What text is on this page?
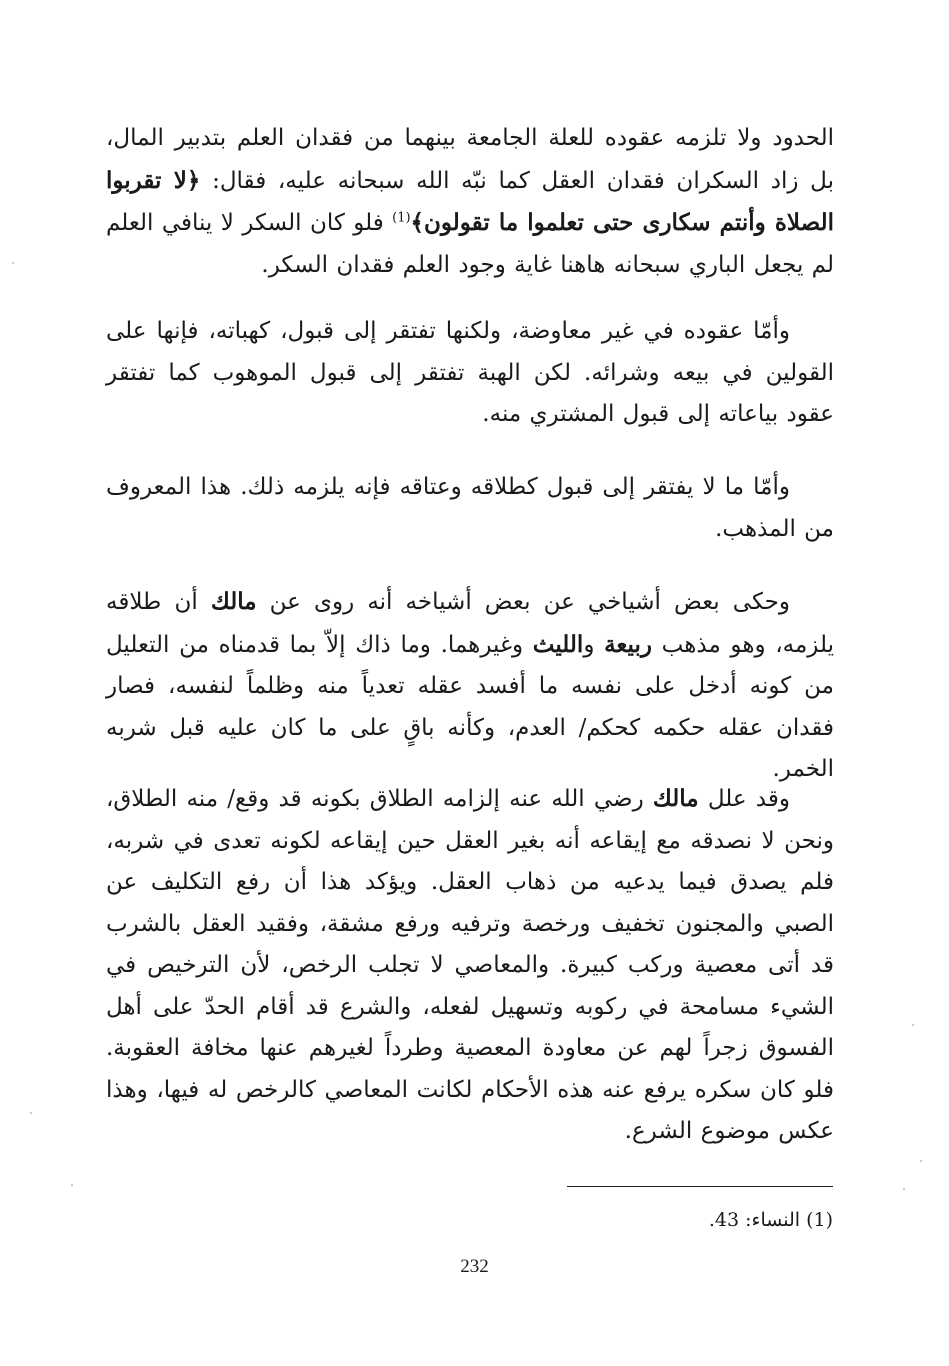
الحدود ولا تلزمه عقوده للعلة الجامعة بينهما من فقدان العلم بتدبير المال، بل زاد السكران فقدان العقل كما نبّه الله سبحانه عليه، فقال: ﴿لا تقربوا الصلاة وأنتم سكارى حتى تعلموا ما تقولون﴾$^{(1)}$ فلو كان السكر لا ينافي العلم لم يجعل الباري سبحانه هاهنا غاية وجود العلم فقدان السكر.

وأمّا عقوده في غير معاوضة، ولكنها تفتقر إلى قبول، كهباته، فإنها على القولين في بيعه وشرائه. لكن الهبة تفتقر إلى قبول الموهوب كما تفتقر عقود بياعاته إلى قبول المشتري منه.

وأمّا ما لا يفتقر إلى قبول كطلاقه وعتاقه فإنه يلزمه ذلك. هذا المعروف من المذهب.

وحكى بعض أشياخي عن بعض أشياخه أنه روى عن مالك أن طلاقه يلزمه، وهو مذهب ربيعة والليث وغيرهما. وما ذاك إلاّ بما قدمناه من التعليل من كونه أدخل على نفسه ما أفسد عقله تعدياً منه وظلماً لنفسه، فصار فقدان عقله حكمه كحكم/ العدم، وكأنه باقٍ على ما كان عليه قبل شربه الخمر.

وقد علل مالك رضي الله عنه إلزامه الطلاق بكونه قد وقع/ منه الطلاق، ونحن لا نصدقه مع إيقاعه أنه بغير العقل حين إيقاعه لكونه تعدى في شربه، فلم يصدق فيما يدعيه من ذهاب العقل. ويؤكد هذا أن رفع التكليف عن الصبي والمجنون تخفيف ورخصة وترفيه ورفع مشقة، وفقيد العقل بالشرب قد أتى معصية وركب كبيرة. والمعاصي لا تجلب الرخص، لأن الترخيص في الشيء مسامحة في ركوبه وتسهيل لفعله، والشرع قد أقام الحدّ على أهل الفسوق زجراً لهم عن معاودة المعصية وطرداً لغيرهم عنها مخافة العقوبة. فلو كان سكره يرفع عنه هذه الأحكام لكانت المعاصي كالرخص له فيها، وهذا عكس موضوع الشرع.

(1) النساء: 43.
232
